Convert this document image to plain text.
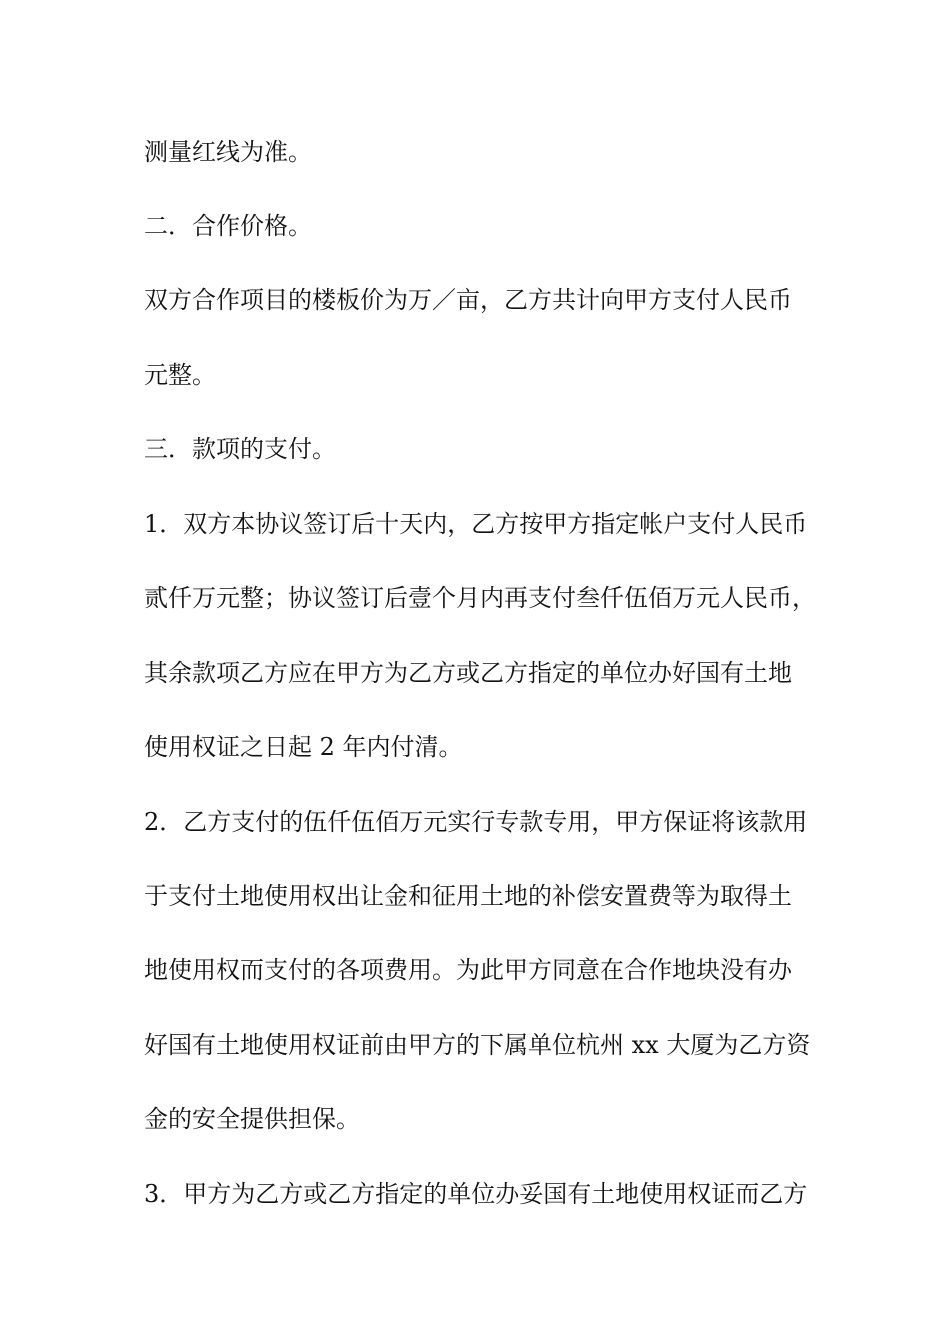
测量红线为准。
二．合作价格。
双方合作项目的楼板价为万／亩，乙方共计向甲方支付人民币
元整。
三．款项的支付。
1．双方本协议签订后十天内，乙方按甲方指定帐户支付人民币
贰仟万元整；协议签订后壹个月内再支付叁仟伍佰万元人民币，
其余款项乙方应在甲方为乙方或乙方指定的单位办好国有土地
使用权证之日起 2 年内付清。
2．乙方支付的伍仟伍佰万元实行专款专用，甲方保证将该款用
于支付土地使用权出让金和征用土地的补偿安置费等为取得土
地使用权而支付的各项费用。为此甲方同意在合作地块没有办
好国有土地使用权证前由甲方的下属单位杭州 xx 大厦为乙方资
金的安全提供担保。
3．甲方为乙方或乙方指定的单位办妥国有土地使用权证而乙方
